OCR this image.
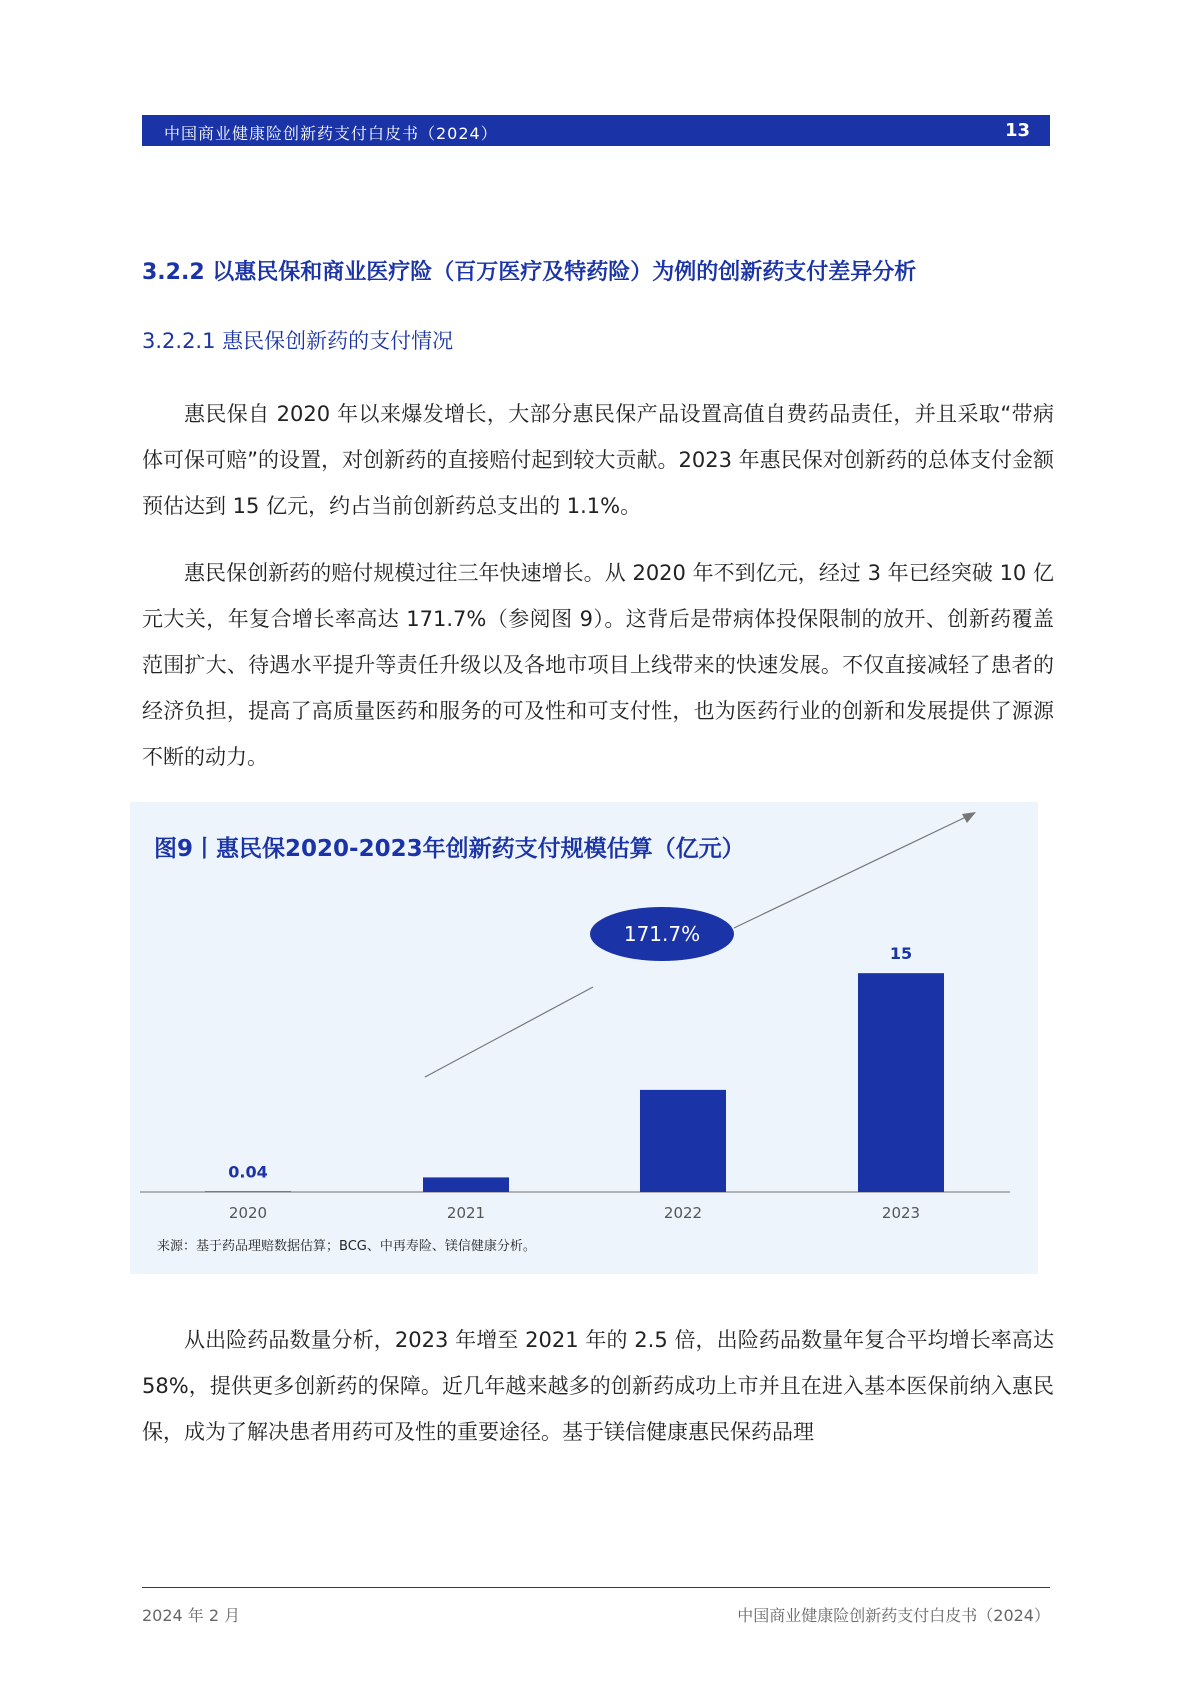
中国商业健康险创新药支付白皮书（2024）	13
3.2.2 以惠民保和商业医疗险（百万医疗及特药险）为例的创新药支付差异分析
3.2.2.1 惠民保创新药的支付情况

惠民保自 2020 年以来爆发增长，大部分惠民保产品设置高值自费药品责任，并且采取“带病体可保可赔”的设置，对创新药的直接赔付起到较大贡献。2023 年惠民保对创新药的总体支付金额预估达到 15 亿元，约占当前创新药总支出的 1.1%。

惠民保创新药的赔付规模过往三年快速增长。从 2020 年不到亿元，经过 3 年已经突破 10 亿元大关，年复合增长率高达 171.7%（参阅图 9）。这背后是带病体投保限制的放开、创新药覆盖范围扩大、待遇水平提升等责任升级以及各地市项目上线带来的快速发展。不仅直接减轻了患者的经济负担，提高了高质量医药和服务的可及性和可支付性，也为医药行业的创新和发展提供了源源不断的动力。

2020
0.04
2021	2022	2023
15
171.7%
图9丨惠民保2020-2023年创新药支付规模估算（亿元）
来源：基于药品理赔数据估算；BCG、中再寿险、镁信健康分析。

从出险药品数量分析，2023 年增至 2021 年的 2.5 倍，出险药品数量年复合平均增长率高达 58%，提供更多创新药的保障。近几年越来越多的创新药成功上市并且在进入基本医保前纳入惠民保，成为了解决患者用药可及性的重要途径。基于镁信健康惠民保药品理

2024 年 2 月	中国商业健康险创新药支付白皮书（2024）
